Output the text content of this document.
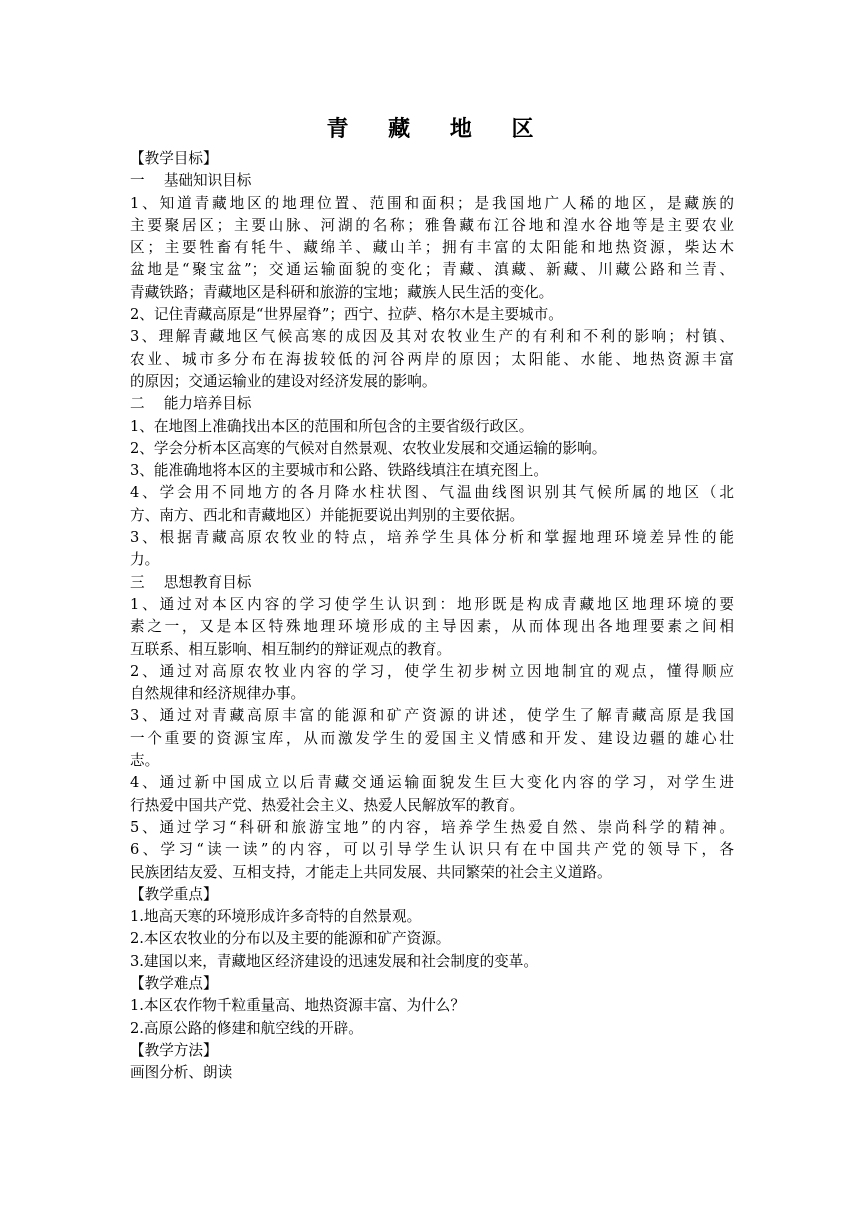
青 藏 地 区
【教学目标】
一　 基础知识目标
1、知道青藏地区的地理位置、范围和面积；是我国地广人稀的地区，是藏族的
主要聚居区；主要山脉、河湖的名称；雅鲁藏布江谷地和湟水谷地等是主要农业
区；主要牲畜有牦牛、藏绵羊、藏山羊；拥有丰富的太阳能和地热资源，柴达木
盆地是“聚宝盆”；交通运输面貌的变化；青藏、滇藏、新藏、川藏公路和兰青、
青藏铁路；青藏地区是科研和旅游的宝地；藏族人民生活的变化。
2、记住青藏高原是“世界屋脊”；西宁、拉萨、格尔木是主要城市。
3、理解青藏地区气候高寒的成因及其对农牧业生产的有利和不利的影响；村镇、
农业、城市多分布在海拔较低的河谷两岸的原因；太阳能、水能、地热资源丰富
的原因；交通运输业的建设对经济发展的影响。
二　 能力培养目标
1、在地图上准确找出本区的范围和所包含的主要省级行政区。
2、学会分析本区高寒的气候对自然景观、农牧业发展和交通运输的影响。
3、能准确地将本区的主要城市和公路、铁路线填注在填充图上。
4、学会用不同地方的各月降水柱状图、气温曲线图识别其气候所属的地区（北
方、南方、西北和青藏地区）并能扼要说出判别的主要依据。
3、根据青藏高原农牧业的特点，培养学生具体分析和掌握地理环境差异性的能
力。
三　 思想教育目标
1、通过对本区内容的学习使学生认识到：地形既是构成青藏地区地理环境的要
素之一，又是本区特殊地理环境形成的主导因素，从而体现出各地理要素之间相
互联系、相互影响、相互制约的辩证观点的教育。
2、通过对高原农牧业内容的学习，使学生初步树立因地制宜的观点，懂得顺应
自然规律和经济规律办事。
3、通过对青藏高原丰富的能源和矿产资源的讲述，使学生了解青藏高原是我国
一个重要的资源宝库，从而激发学生的爱国主义情感和开发、建设边疆的雄心壮
志。
4、通过新中国成立以后青藏交通运输面貌发生巨大变化内容的学习，对学生进
行热爱中国共产党、热爱社会主义、热爱人民解放军的教育。
5、通过学习“科研和旅游宝地”的内容，培养学生热爱自然、崇尚科学的精神。
6、学习“读一读”的内容，可以引导学生认识只有在中国共产党的领导下，各
民族团结友爱、互相支持，才能走上共同发展、共同繁荣的社会主义道路。
【教学重点】
1.地高天寒的环境形成许多奇特的自然景观。
2.本区农牧业的分布以及主要的能源和矿产资源。
3.建国以来，青藏地区经济建设的迅速发展和社会制度的变革。
【教学难点】
1.本区农作物千粒重量高、地热资源丰富、为什么？
2.高原公路的修建和航空线的开辟。
【教学方法】
画图分析、朗读
